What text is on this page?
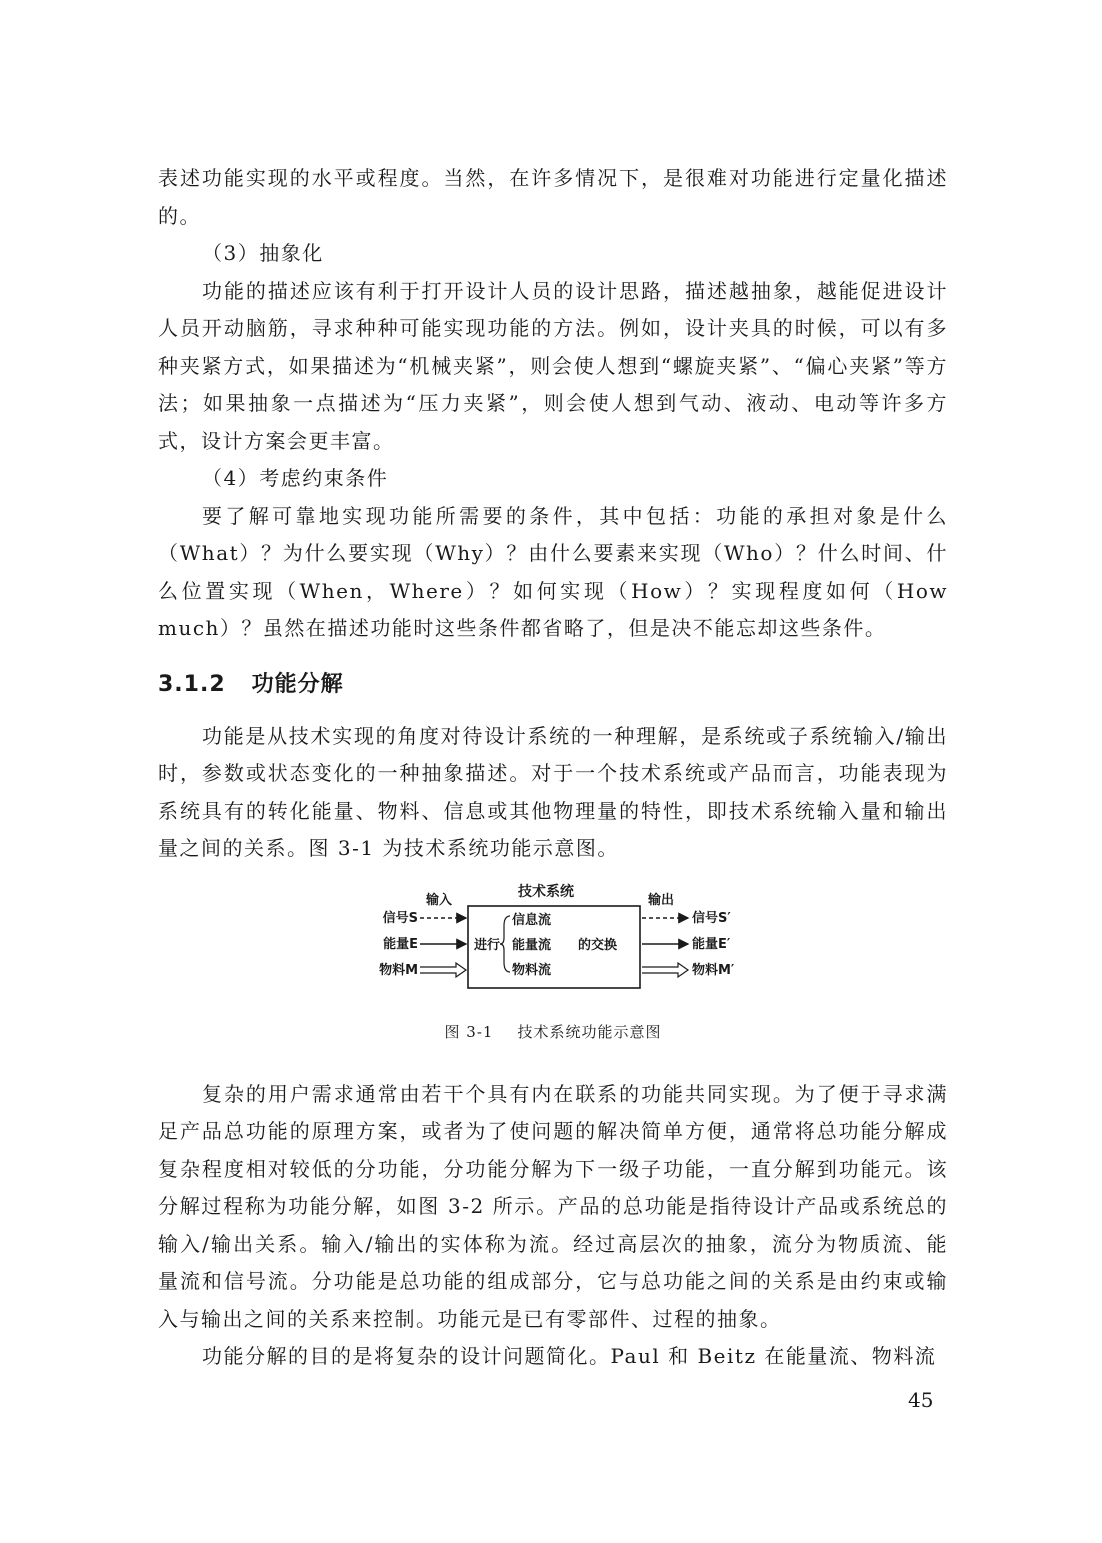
表述功能实现的水平或程度。当然，在许多情况下，是很难对功能进行定量化描述的。

（3）抽象化

功能的描述应该有利于打开设计人员的设计思路，描述越抽象，越能促进设计人员开动脑筋，寻求种种可能实现功能的方法。例如，设计夹具的时候，可以有多种夹紧方式，如果描述为“机械夹紧”，则会使人想到“螺旋夹紧”、“偏心夹紧”等方法；如果抽象一点描述为“压力夹紧”，则会使人想到气动、液动、电动等许多方式，设计方案会更丰富。

（4）考虑约束条件

要了解可靠地实现功能所需要的条件，其中包括：功能的承担对象是什么（What）？为什么要实现（Why）？由什么要素来实现（Who）？什么时间、什么位置实现（When，Where）？如何实现（How）？实现程度如何（How much）？虽然在描述功能时这些条件都省略了，但是决不能忘却这些条件。

3.1.2 功能分解

功能是从技术实现的角度对待设计系统的一种理解，是系统或子系统输入/输出时，参数或状态变化的一种抽象描述。对于一个技术系统或产品而言，功能表现为系统具有的转化能量、物料、信息或其他物理量的特性，即技术系统输入量和输出量之间的关系。图 3-1 为技术系统功能示意图。

技术系统
输入	输出
信号S
能量E
物料M
进行
信息流
能量流
物料流
的交换
信号S′
能量E′
物料M′
图 3-1 技术系统功能示意图

复杂的用户需求通常由若干个具有内在联系的功能共同实现。为了便于寻求满足产品总功能的原理方案，或者为了使问题的解决简单方便，通常将总功能分解成复杂程度相对较低的分功能，分功能分解为下一级子功能，一直分解到功能元。该分解过程称为功能分解，如图 3-2 所示。产品的总功能是指待设计产品或系统总的输入/输出关系。输入/输出的实体称为流。经过高层次的抽象，流分为物质流、能量流和信号流。分功能是总功能的组成部分，它与总功能之间的关系是由约束或输入与输出之间的关系来控制。功能元是已有零部件、过程的抽象。

功能分解的目的是将复杂的设计问题简化。Paul 和 Beitz 在能量流、物料流

45
